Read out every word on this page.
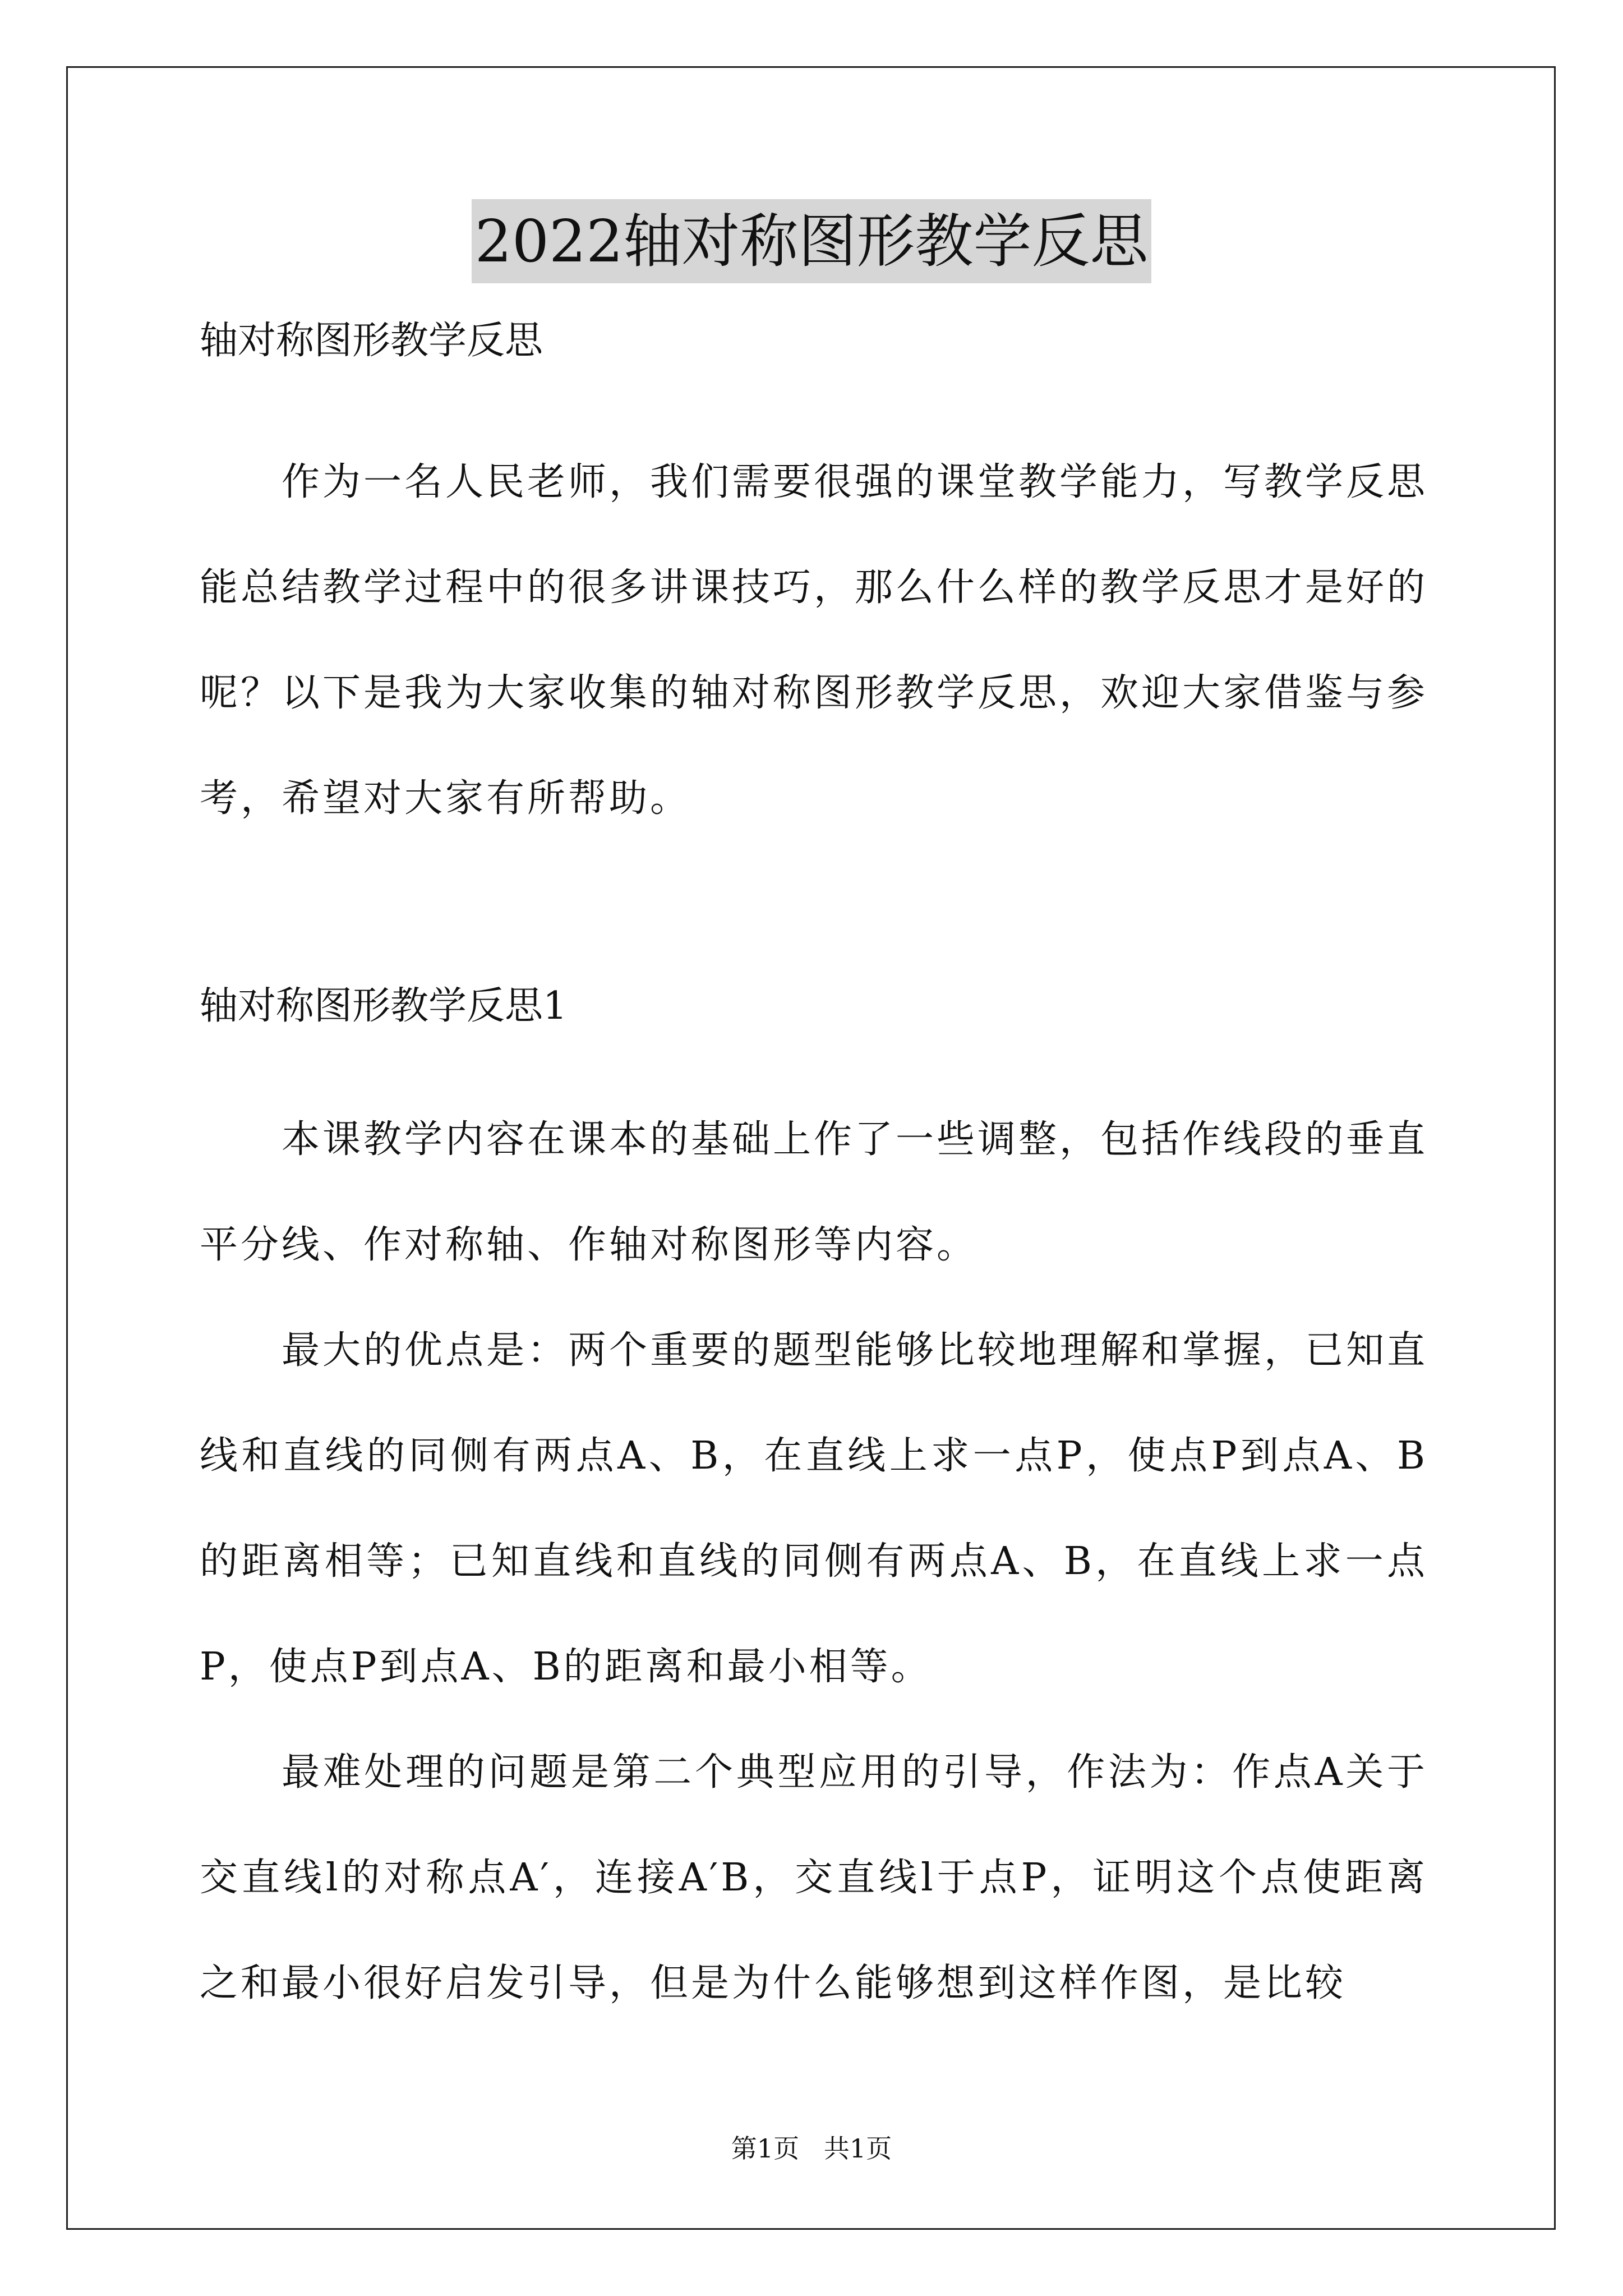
2022轴对称图形教学反思

轴对称图形教学反思

作为一名人民老师，我们需要很强的课堂教学能力，写教学反思能总结教学过程中的很多讲课技巧，那么什么样的教学反思才是好的呢？以下是我为大家收集的轴对称图形教学反思，欢迎大家借鉴与参考，希望对大家有所帮助。

轴对称图形教学反思1

本课教学内容在课本的基础上作了一些调整，包括作线段的垂直平分线、作对称轴、作轴对称图形等内容。

最大的优点是：两个重要的题型能够比较地理解和掌握，已知直线和直线的同侧有两点A、B，在直线上求一点P，使点P到点A、B的距离相等；已知直线和直线的同侧有两点A、B，在直线上求一点P，使点P到点A、B的距离和最小相等。

最难处理的问题是第二个典型应用的引导，作法为：作点A关于交直线l的对称点A′，连接A′B，交直线l于点P，证明这个点使距离之和最小很好启发引导，但是为什么能够想到这样作图，是比较

第1页   共1页
